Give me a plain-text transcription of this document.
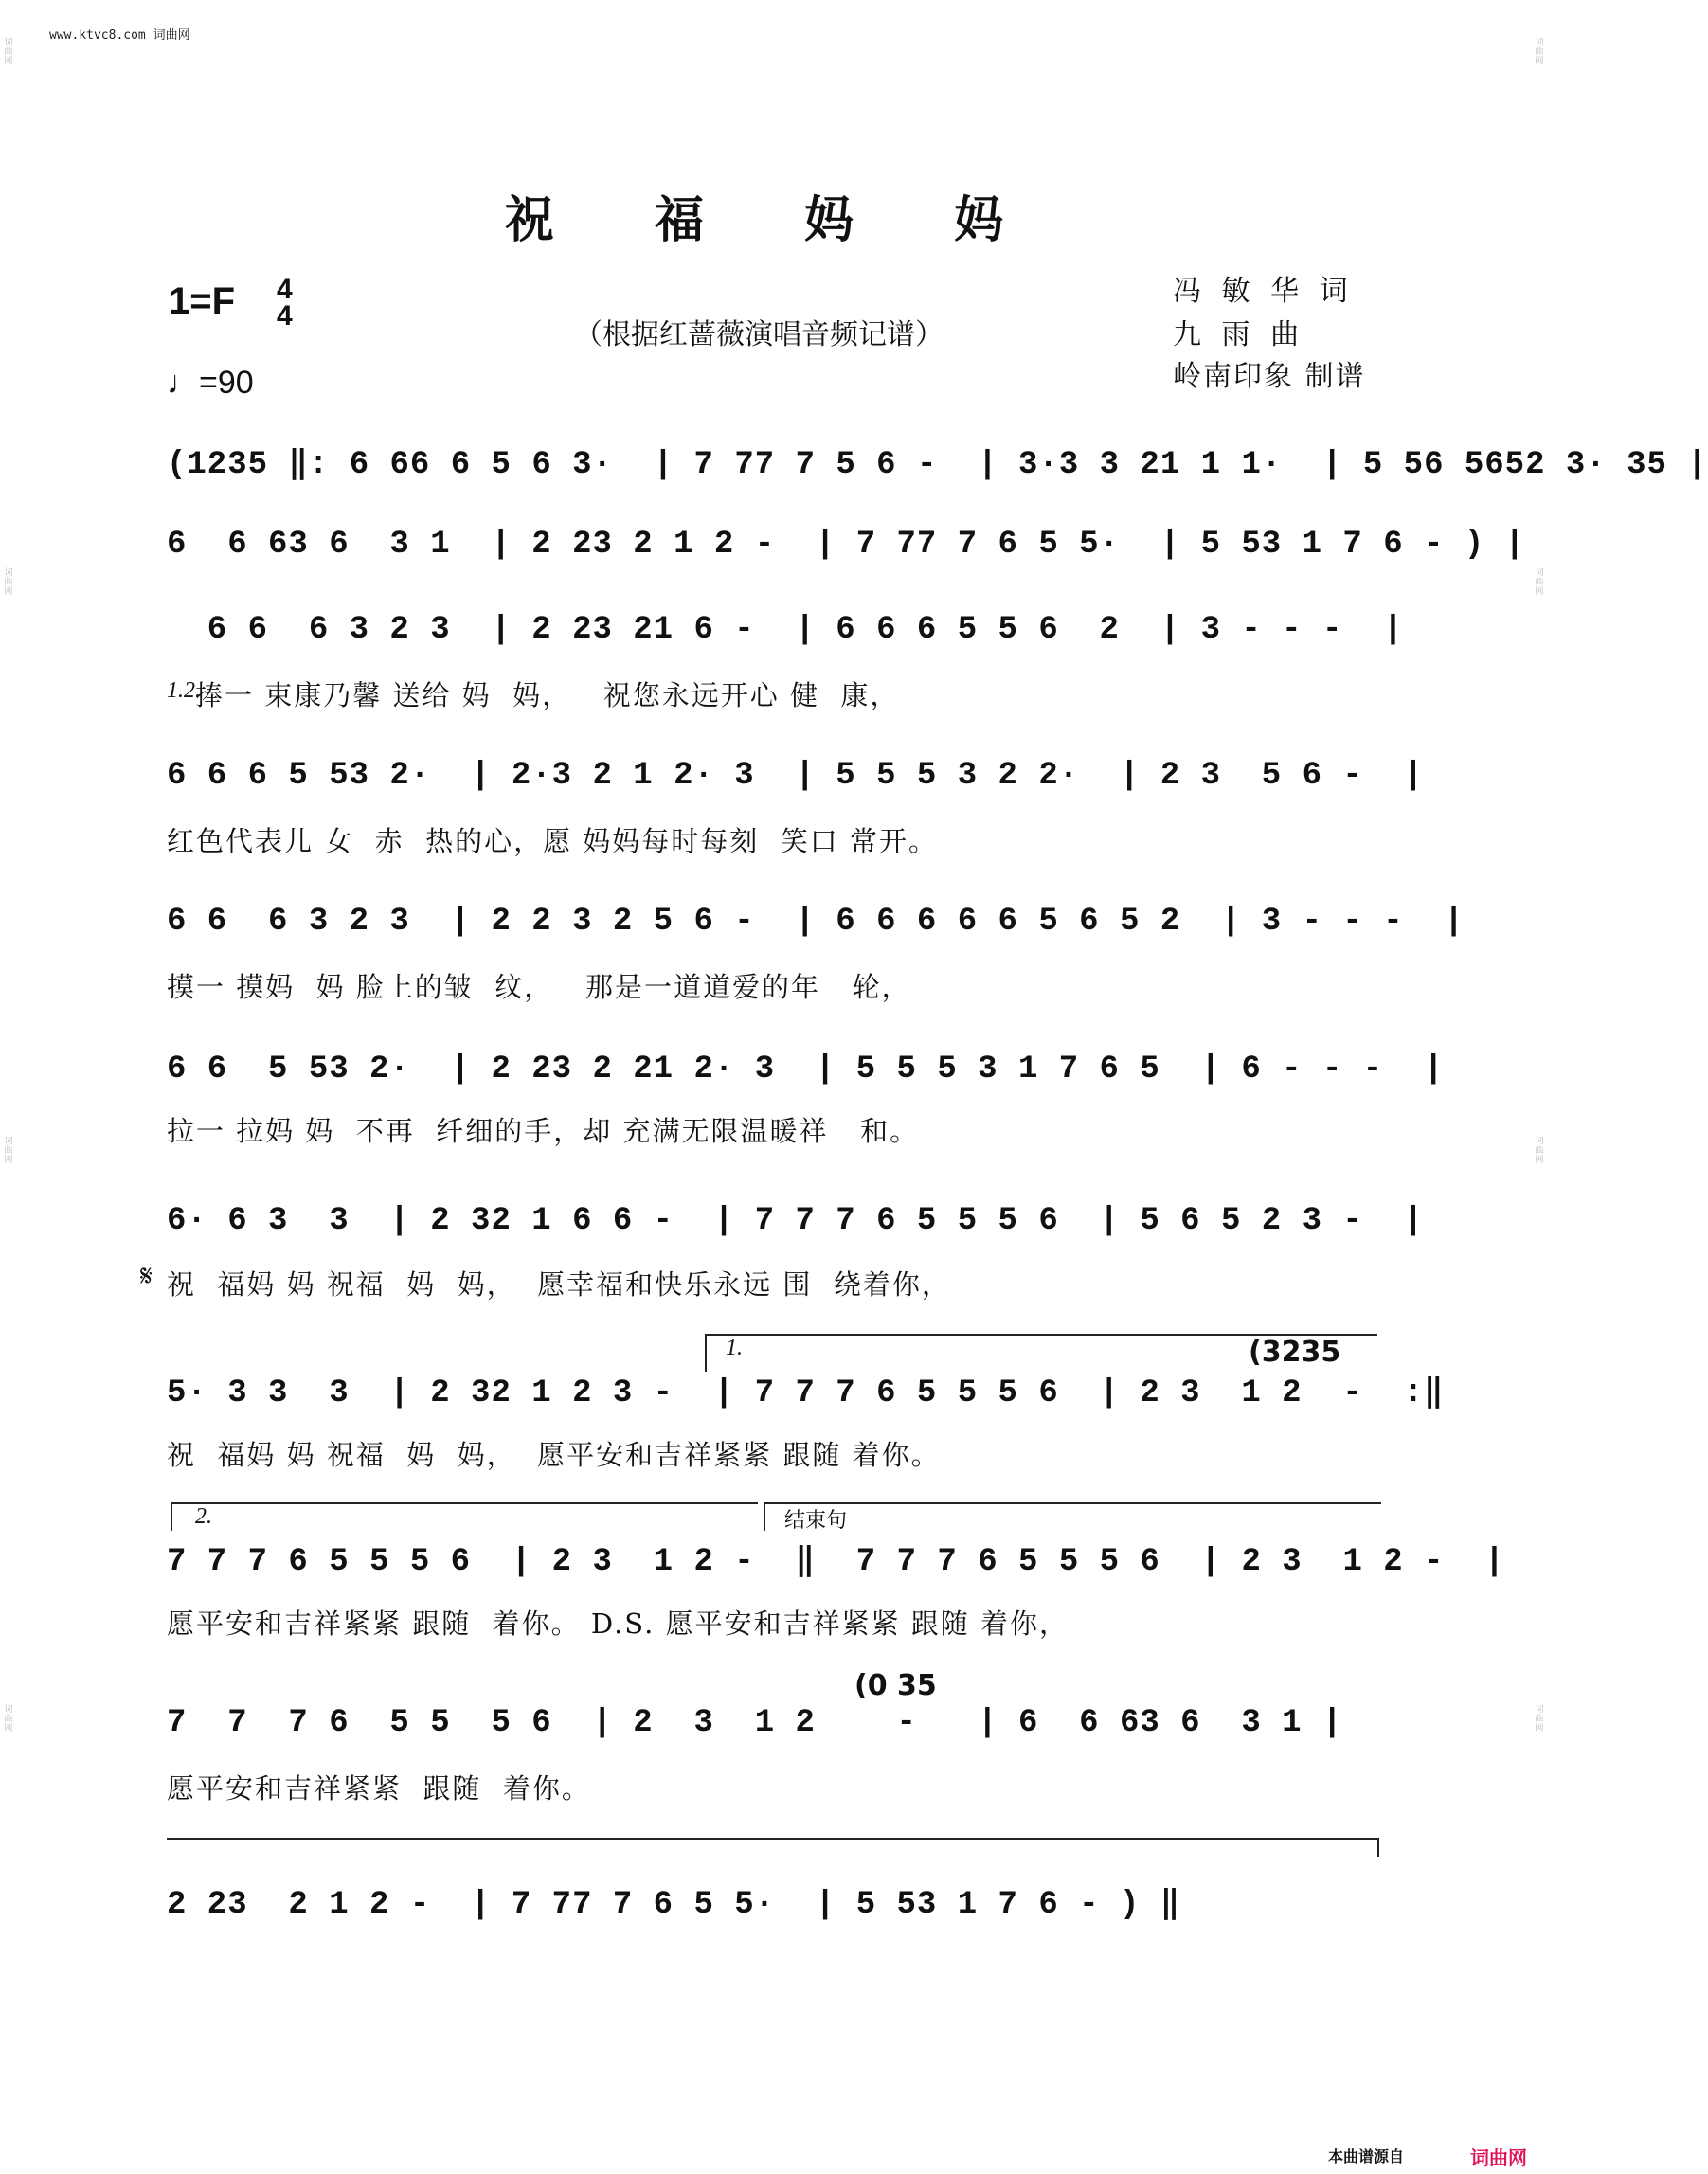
www.ktvc8.com 词曲网
祝 福 妈 妈
1=F 4
4
♩=90
（根据红蔷薇演唱音频记谱）
冯 敏 华 词
九 雨 曲
岭南印象 制谱
(1235 ‖: 6 66 6 5 6 3·  | 7 77 7 5 6 -  | 3·3 3 21 1 1·  | 5 56 5652 3· 35 |
6  6 63 6  3 1  | 2 23 2 1 2 -  | 7 77 7 6 5 5·  | 5 53 1 7 6 - ) |
6 6  6 3 2 3  | 2 23 21 6 -  | 6 6 6 5 5 6  2  | 3 - - -  |
捧一 束康乃馨 送给 妈  妈，   祝您永远开心 健  康，
1.2.
6 6 6 5 53 2·  | 2·3 2 1 2· 3  | 5 5 5 3 2 2·  | 2 3  5 6 -  |
红色代表儿 女  赤  热的心，愿 妈妈每时每刻  笑口 常开。
6 6  6 3 2 3  | 2 2 3 2 5 6 -  | 6 6 6 6 6 5 6 5 2  | 3 - - -  |
摸一 摸妈  妈 脸上的皱  纹，   那是一道道爱的年   轮，
6 6  5 53 2·  | 2 23 2 21 2· 3  | 5 5 5 3 1 7 6 5  | 6 - - -  |
拉一 拉妈 妈  不再  纤细的手，却 充满无限温暖祥   和。
6· 6 3  3  | 2 32 1 6 6 -  | 7 7 7 6 5 5 5 6  | 5 6 5 2 3 -  |
祝  福妈 妈 祝福  妈  妈，  愿幸福和快乐永远 围  绕着你，
𝄋
1.	(3235
5· 3 3  3  | 2 32 1 2 3 -  | 7 7 7 6 5 5 5 6  | 2 3  1 2  -  :‖
祝  福妈 妈 祝福  妈  妈，  愿平安和吉祥紧紧 跟随 着你。
2.	结束句
7 7 7 6 5 5 5 6  | 2 3  1 2 -  ‖  7 7 7 6 5 5 5 6  | 2 3  1 2 -  |
愿平安和吉祥紧紧 跟随  着你。 D.S. 愿平安和吉祥紧紧 跟随 着你，
(0 35
7  7  7 6  5 5  5 6  | 2  3  1 2    -   | 6  6 63 6  3 1 |
愿平安和吉祥紧紧  跟随  着你。
2 23  2 1 2 -  | 7 77 7 6 5 5·  | 5 53 1 7 6 - ) ‖
本曲谱源自	词曲网
词曲网
词曲网
词曲网
词曲网
词曲网
词曲网
词曲网
词曲网
